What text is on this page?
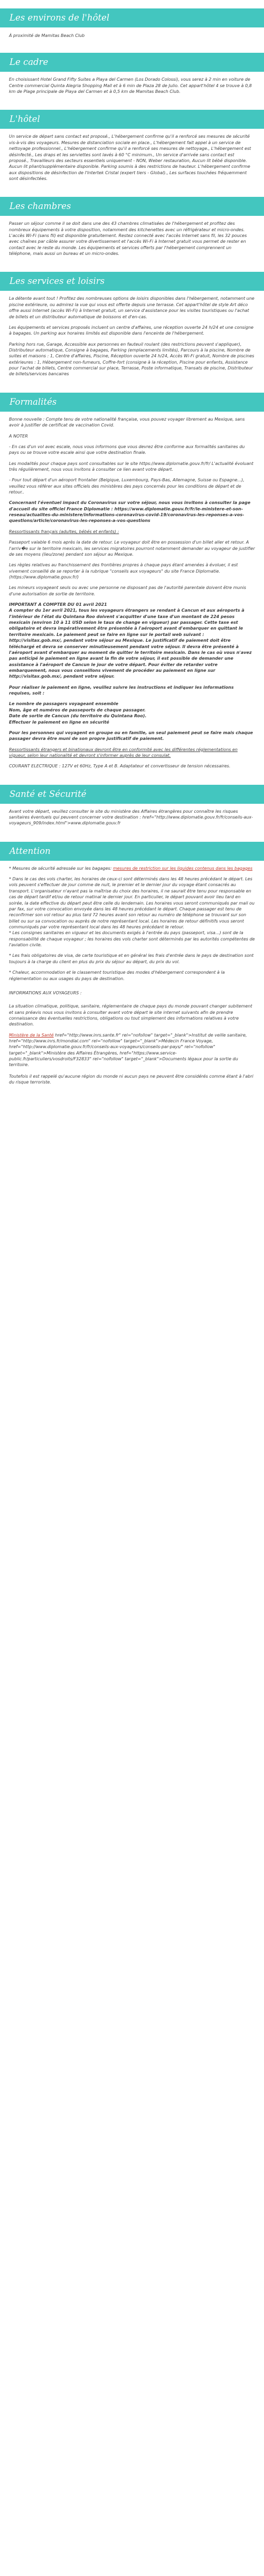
Les environs de l'hôtel

À proximité de Mamitas Beach Club

Le cadre

En choisissant Hotel Grand Fifty Suites a Playa del Carmen (Los Dorado Colossi), vous serez à 2 min en voiture de Centre commercial Quinta Alegria Shopping Mall et à 6 min de Plaza 28 de Julio. Cet appart'hôtel 4 se trouve à 0,8 km de Plage principale de Playa del Carmen et à 0,5 km de Mamitas Beach Club.

L'hôtel

Un service de départ sans contact est proposé., L'hébergement confirme qu'il a renforcé ses mesures de sécurité vis-à-vis des voyageurs. Mesures de distanciation sociale en place., L'hébergement fait appel à un service de nettoyage professionnel., L'hébergement confirme qu'il a renforcé ses mesures de nettoyage., L'hébergement est désinfecté., Les draps et les serviettes sont lavés à 60 °C minimum., Un service d'arrivée sans contact est proposé., Travailleurs des secteurs essentiels uniquement - NON, Weber restauration, Aucun lit bébé disponible. Aucun lit pliant/supplémentaire disponible. Parking soumis à des restrictions de hauteur. L'hébergement confirme aux dispositions de désinfection de l'Intertek Cristal (expert tiers - Global)., Les surfaces touchées fréquemment sont désinfectées.

Les chambres

Passer un séjour comme il se doit dans une des 43 chambres climatisées de l'hébergement et profitez des nombreux équipements à votre disposition, notamment des kitchenettes avec un réfrigérateur et micro-ondes. L'accès Wi-Fi (sans fil) est disponible gratuitement. Restez connecté avec l'accès Internet sans fil, les 32 pouces avec chaînes par câble assurer votre divertissement et l'accès Wi-Fi à Internet gratuit vous permet de rester en contact avec le reste du monde. Les équipements et services offerts par l'hébergement comprennent un téléphone, mais aussi un bureau et un micro-ondes.

Les services et loisirs

La détente avant tout ! Profitez des nombreuses options de loisirs disponibles dans l'hébergement, notamment une piscine extérieure, ou admirez la vue qui vous est offerte depuis une terrasse. Cet appart'hôtel de style Art déco offre aussi Internet (accès Wi-Fi) à Internet gratuit, un service d'assistance pour les visites touristiques ou l'achat de billets et un distributeur automatique de boissons et d'en-cas.

Les équipements et services proposés incluent un centre d'affaires, une réception ouverte 24 h/24 et une consigne à bagages. Un parking aux horaires limités est disponible dans l'enceinte de l'hébergement.

Parking hors rue, Garage, Accessible aux personnes en fauteuil roulant (des restrictions peuvent s'appliquer), Distributeur automatique, Consigne à bagages, Parking (emplacements limités), Parcours à la piscine, Nombre de suites et maisons : 1, Centre d'affaires, Piscine, Réception ouverte 24 h/24, Accès Wi-Fi gratuit, Nombre de piscines extérieures : 1, Hébergement non-fumeurs, Coffre-fort (consigne à la réception, Piscine pour enfants, Assistance pour l'achat de billets, Centre commercial sur place, Terrasse, Poste informatique, Transats de piscine, Distributeur de billets/services bancaires

Formalités

Bonne nouvelle : Compte tenu de votre nationalité française, vous pouvez voyager librement au Mexique, sans avoir à justifier de certificat de vaccination Covid.

A NOTER

- En cas d'un vol avec escale, nous vous informons que vous devrez être conforme aux formalités sanitaires du pays ou se trouve votre escale ainsi que votre destination finale.

Les modalités pour chaque pays sont consultables sur le site https://www.diplomatie.gouv.fr/fr/ L'actualité évoluant très régulièrement, nous vous invitons à consulter ce lien avant votre départ.

- Pour tout départ d'un aéroport frontalier (Belgique, Luxembourg, Pays-Bas, Allemagne, Suisse ou Espagne...), veuillez vous référer aux sites officiels des ministères des pays concernés pour les conditions de départ et de retour..

Concernant l'éventuel impact du Coronavirus sur votre séjour, nous vous invitons à consulter la page d'accueil du site officiel France Diplomatie : https://www.diplomatie.gouv.fr/fr/le-ministere-et-son-reseau/actualites-du-ministere/informations-coronavirus-covid-19/coronavirus-les-reponses-a-vos-questions/article/coronavirus-les-reponses-a-vos-questions

Ressortissants français (adultes, bébés et enfants) :

Passeport valable 6 mois après la date de retour. Le voyageur doit être en possession d'un billet aller et retour. A l'arriv�e sur le territoire mexicain, les services migratoires pourront notamment demander au voyageur de justifier de ses moyens (lieu/zone) pendant son séjour au Mexique.

Les règles relatives au franchissement des frontières propres à chaque pays étant amenées à évoluer, il est vivement conseillé de se reporter à la rubrique "conseils aux voyageurs" du site France Diplomatie. (https://www.diplomatie.gouv.fr/)

Les mineurs voyageant seuls ou avec une personne ne disposant pas de l'autorité parentale doivent être munis d'une autorisation de sortie de territoire.

IMPORTANT A COMPTER DU 01 avril 2021
A compter du 1er avril 2021, tous les voyageurs étrangers se rendant à Cancun et aux aéroports à l'intérieur de l'état du Quintana Roo doivent s'acquitter d'une taxe d'un montant de 224 pesos mexicain (environ 10 à 11 USD selon le taux de change en vigueur) par passager. Cette taxe est obligatoire et devra impérativement être présentée à l'aéroport avant d'embarquer en quittant le territoire mexicain. Le paiement peut se faire en ligne sur le portail web suivant : http://visitax.gob.mx/, pendant votre séjour au Mexique. Le justificatif de paiement doit être téléchargé et devra se conserver minutieusement pendant votre séjour. Il devra être présenté à l'aéroport avant d'embarquer au moment de quitter le territoire mexicain. Dans le cas où vous n'avez pas anticipé le paiement en ligne avant la fin de votre séjour, il est possible de demander une assistance à l'aéroport de Cancun le jour de votre départ. Pour éviter de retarder votre embarquement, nous vous conseillons vivement de procéder au paiement en ligne sur http://visitax.gob.mx/, pendant votre séjour.

Pour réaliser le paiement en ligne, veuillez suivre les instructions et indiquer les informations requises, soit :

Le nombre de passagers voyageant ensemble
Nom, âge et numéros de passeports de chaque passager.
Date de sortie de Cancun (du territoire du Quintana Roo).
Effectuer le paiement en ligne en sécurité

Pour les personnes qui voyagent en groupe ou en famille, un seul paiement peut se faire mais chaque passager devra être muni de son propre justificatif de paiement.

Ressortissants étrangers et binationaux devront être en conformité avec les différentes réglementations en vigueur, selon leur nationalité et devront s'informer auprès de leur consulat.

COURANT ELECTRIQUE : 127V et 60Hz, Type A et B. Adaptateur et convertisseur de tension nécessaires.

Santé et Sécurité

Avant votre départ, veuillez consulter le site du ministère des Affaires étrangères pour connaître les risques sanitaires éventuels qui peuvent concerner votre destination : href="http://www.diplomatie.gouv.fr/fr/conseils-aux-voyageurs_909/index.html">www.diplomatie.gouv.fr

Attention

* Mesures de sécurité adressée sur les bagages: mesures de restriction sur les liquides contenus dans les bagages

* Dans le cas des vols charter, les horaires de ceux-ci sont déterminés dans les 48 heures précédant le départ. Les vols peuvent s'effectuer de jour comme de nuit, le premier et le dernier jour du voyage étant consacrés au transport. L'organisateur n'ayant pas la maîtrise du choix des horaires, il ne saurait être tenu pour responsable en cas de départ tardif et/ou de retour matinal le dernier jour. En particulier, le départ pouvant avoir lieu tard en soirée, la date effective du départ peut être celle du lendemain. Les horaires vous seront communiqués par mail ou par fax, sur votre convocation envoyée dans les 48 heures précédant le départ. Chaque passager est tenu de reconfirmer son vol retour au plus tard 72 heures avant son retour au numéro de téléphone se trouvant sur son billet ou sur sa convocation ou auprès de notre représentant local. Les horaires de retour définitifs vous seront communiqués par votre représentant local dans les 48 heures précédant le retour.
* Les consignes sanitaires en vigueur et les documents exigés à l'entrée du pays (passeport, visa...) sont de la responsabilité de chaque voyageur ; les horaires des vols charter sont déterminés par les autorités compétentes de l'aviation civile.

* Les frais obligatoires de visa, de carte touristique et en général les frais d'entrée dans le pays de destination sont toujours à la charge du client en plus du prix du séjour au départ, du prix du vol.

* Chaleur, accommodation et le classement touristique des modes d'hébergement correspondent à la réglementation ou aux usages du pays de destination.

INFORMATIONS AUX VOYAGEURS :

La situation climatique, politique, sanitaire, réglementaire de chaque pays du monde pouvant changer subitement et sans préavis nous vous invitons à consulter avant votre départ le site internet suivants afin de prendre connaissance des éventuelles restrictions, obligations ou tout simplement des informations relatives à votre destination.

Ministère de la Santé href="http://www.inrs.sante.fr" rel="nofollow" target="_blank">Institut de veille sanitaire, href="http://www.inrs.fr/mondial.com" rel="nofollow" target="_blank">Médecin France Voyage, href="http://www.diplomatie.gouv.fr/fr/conseils-aux-voyageurs/conseils-par-pays/" rel="nofollow" target="_blank">Ministère des Affaires Étrangères, href="https://www.service-public.fr/particuliers/vosdroits/F32833" rel="nofollow" target="_blank">Documents légaux pour la sortie du territoire.

Toutefois il est rappelé qu'aucune région du monde ni aucun pays ne peuvent être considérés comme étant à l'abri du risque terroriste.
